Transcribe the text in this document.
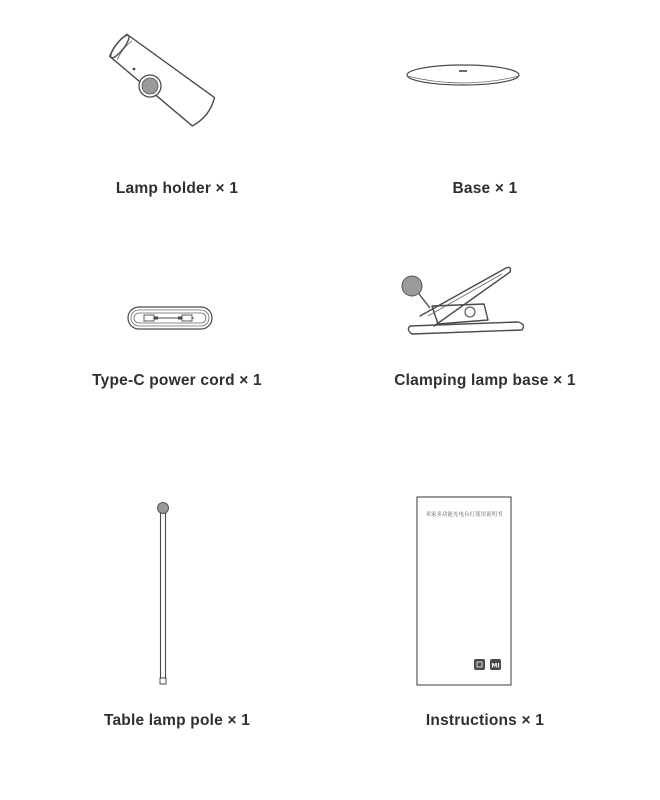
Lamp holder × 1	Base × 1
Type-C power cord × 1	Clamping lamp base × 1
Table lamp pole × 1
米家多功能充电台灯使用说明书
MI
Instructions × 1
